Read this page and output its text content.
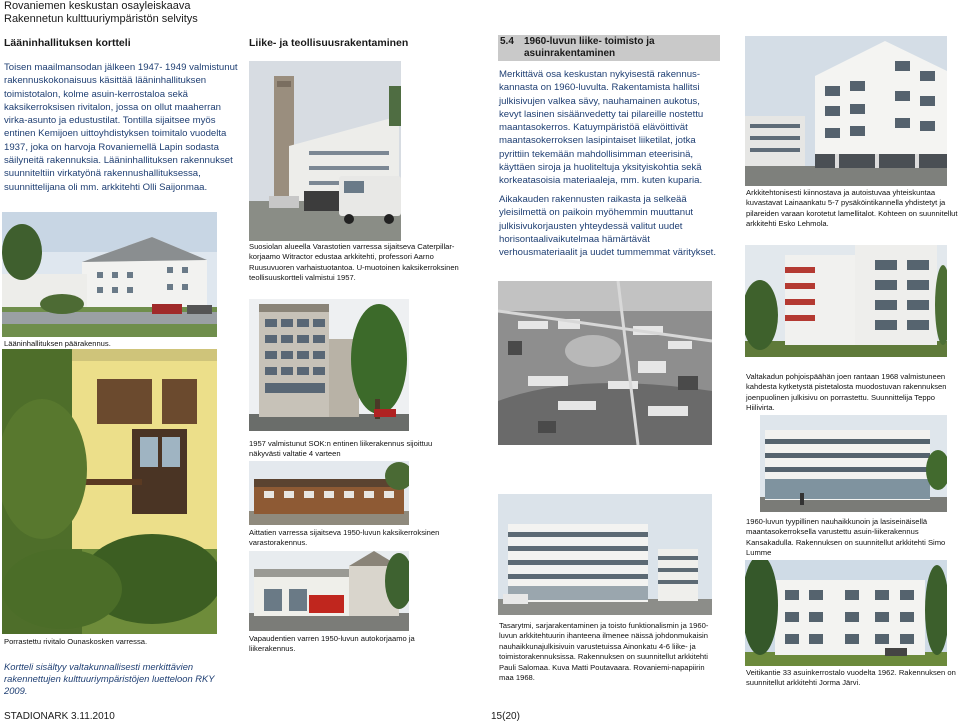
Rovaniemen keskustan osayleiskaava
Rakennetun kulttuuriympäristön selvitys
Lääninhallituksen kortteli
Toisen maailmansodan jälkeen 1947- 1949 valmistunut rakennuskokonaisuus käsittää lääninhallituksen toimistotalon, kolme asuin-kerrostaloa sekä kaksikerroksisen rivitalon, jossa on ollut maaherran virka-asunto ja edustustilat. Tontilla sijaitsee myös entinen Kemijoen uittoyhdistyksen toimitalo vuodelta 1937, joka on harvoja Rovaniemellä Lapin sodasta säilyneitä rakennuksia. Lääninhallituksen rakennukset suunniteltiin virkatyönä rakennushallituksessa, suunnittelijana oli mm. arkkitehti Olli Saijonmaa.
Lääninhallituksen päärakennus.
Porrastettu rivitalo Ounaskosken varressa.
Kortteli sisältyy valtakunnallisesti merkittävien rakennettujen kulttuuriympäristöjen luetteloon RKY 2009.
Liike- ja teollisuusrakentaminen
Suosiolan alueella Varastotien varressa sijaitseva Caterpillar-korjaamo Witractor edustaa arkkitehti, professori Aarno Ruusuvuoren varhaistuotantoa. U-muotoinen kaksikerroksinen teollisuuskortteli valmistui 1957.
1957 valmistunut SOK:n entinen liikerakennus sijoittuu näkyvästi valtatie 4 varteen
Aittatien varressa sijaitseva 1950-luvun kaksikerroksinen varastorakennus.
Vapaudentien varren 1950-luvun autokorjaamo ja liikerakennus.
5.4 1960-luvun liike- toimisto ja
asuinrakentaminen
Merkittävä osa keskustan nykyisestä rakennus-kannasta on 1960-luvulta. Rakentamista hallitsi julkisivujen valkea sävy, nauhamainen aukotus, kevyt lasinen sisäänvedetty tai pilareille nostettu maantasokerros. Katuympäristöä elävöittivät maantasokerroksen lasipintaiset liiketilat, jotka pyrittiin tekemään mahdollisimman eteerisinä, käyttäen siroja ja huoliteltuja yksityiskohtia sekä korkeatasoisia materiaaleja, mm. kuten kuparia.
Aikakauden rakennusten raikasta ja selkeää yleisilmettä on paikoin myöhemmin muuttanut julkisivukorjausten yhteydessä valitut uudet horisontaalivaikutelmaa hämärtävät verhousmateriaalit ja uudet tummemmat väritykset.
Tasarytmi, sarjarakentaminen ja toisto funktionalismin ja 1960-luvun arkkitehtuurin ihanteena ilmenee näissä johdonmukaisin nauhaikkunajulkisivuin varustetuissa Ainonkatu 4-6 liike- ja toimistorakennuksissa. Rakennuksen on suunnitellut arkkitehti Pauli Salomaa. Kuva Matti Poutavaara. Rovaniemi-napapiirin maa 1968.
Arkkitehtonisesti kiinnostava ja autoistuvaa yhteiskuntaa kuvastavat Lainaankatu 5-7 pysäköintikannella yhdistetyt ja pilareiden varaan korotetut lamellitalot. Kohteen on suunnitellut arkkitehti Esko Lehmola.
Valtakadun pohjoispäähän joen rantaan 1968 valmistuneen kahdesta kytketystä pistetalosta muodostuvan rakennuksen joenpuolinen julkisivu on porrastettu. Suunnittelija Teppo Hiilivirta.
1960-luvun tyypillinen nauhaikkunoin ja lasiseinäisellä maantasokerroksella varustettu asuin-liikerakennus Kansakadulla. Rakennuksen on suunnitellut arkkitehti Simo Lumme
Veitikantie 33 asuinkerrostalo vuodelta 1962. Rakennuksen on suunnitellut arkkitehti Jorma Järvi.
STADIONARK 3.11.2010	15(20)
